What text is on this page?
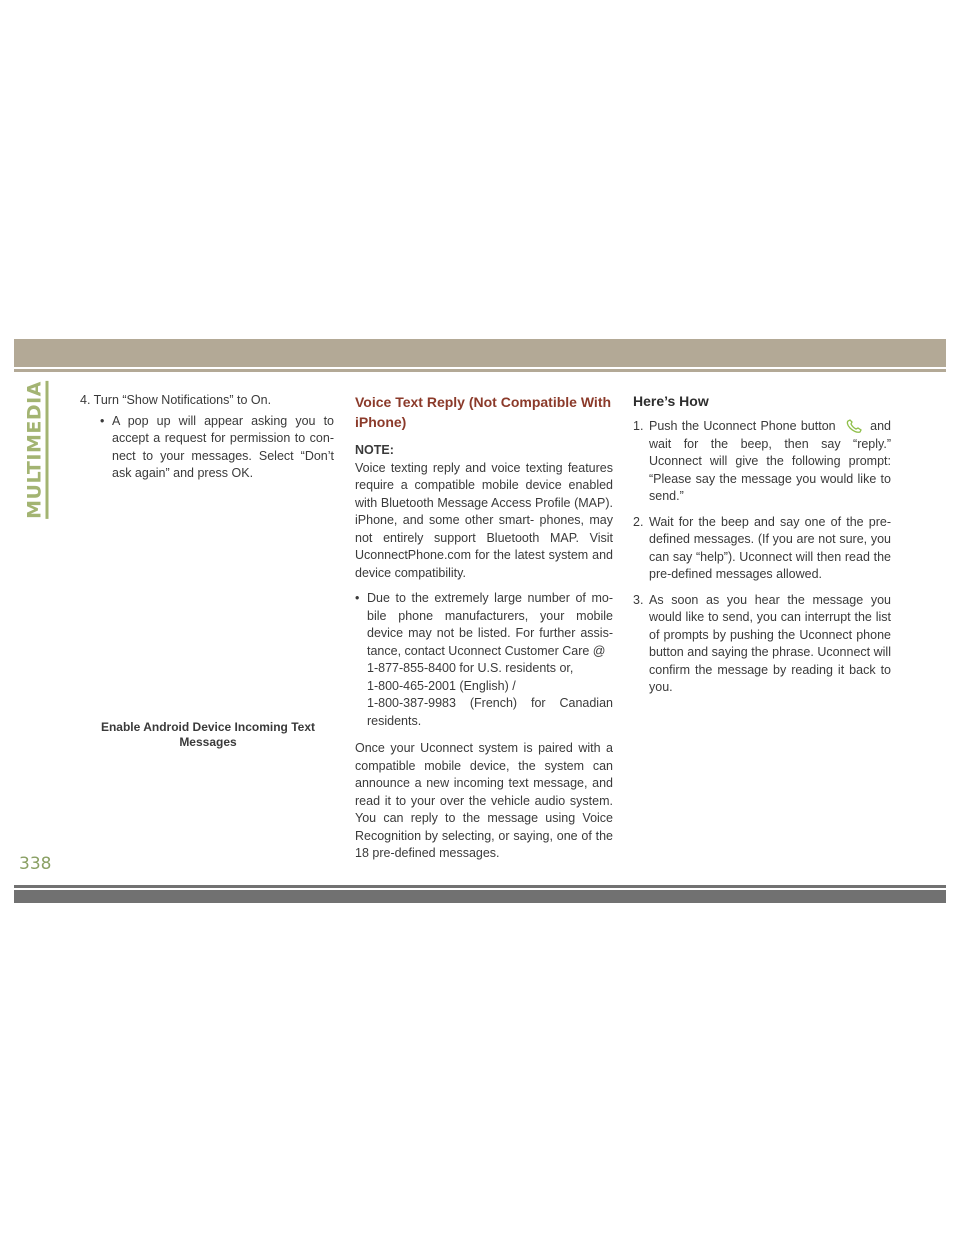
MULTIMEDIA	4. Turn “Show Notifications” to On.

• A pop up will appear asking you to accept a request for permission to con- nect to your messages. Select “Don’t ask again” and press OK.
Enable Android Device Incoming Text Messages

Voice Text Reply (Not Compatible With iPhone)

NOTE:

Voice texting reply and voice texting features require a compatible mobile device enabled with Bluetooth Message Access Profile (MAP). iPhone, and some other smart- phones, may not entirely support Bluetooth MAP. Visit UconnectPhone.com for the latest system and device compatibility.

• Due to the extremely large number of mo- bile phone manufacturers, your mobile device may not be listed. For further assis- tance, contact Uconnect Customer Care @
1-877-855-8400 for U.S. residents or,
1-800-465-2001 (English) /
1-800-387-9983 (French) for Canadian residents.

Once your Uconnect system is paired with a compatible mobile device, the system can announce a new incoming text message, and read it to your over the vehicle audio system. You can reply to the message using Voice Recognition by selecting, or saying, one of the 18 pre-defined messages.

Here’s How

1. Push the Uconnect Phone button	and wait for the beep, then say “reply.” Uconnect will give the following prompt: “Please say the message you would like to send.”
2. Wait for the beep and say one of the pre-defined messages. (If you are not sure, you can say “help”). Uconnect will then read the pre-defined messages allowed.
3. As soon as you hear the message you would like to send, you can interrupt the list of prompts by pushing the Uconnect phone button and saying the phrase. Uconnect will confirm the message by reading it back to you.
338
